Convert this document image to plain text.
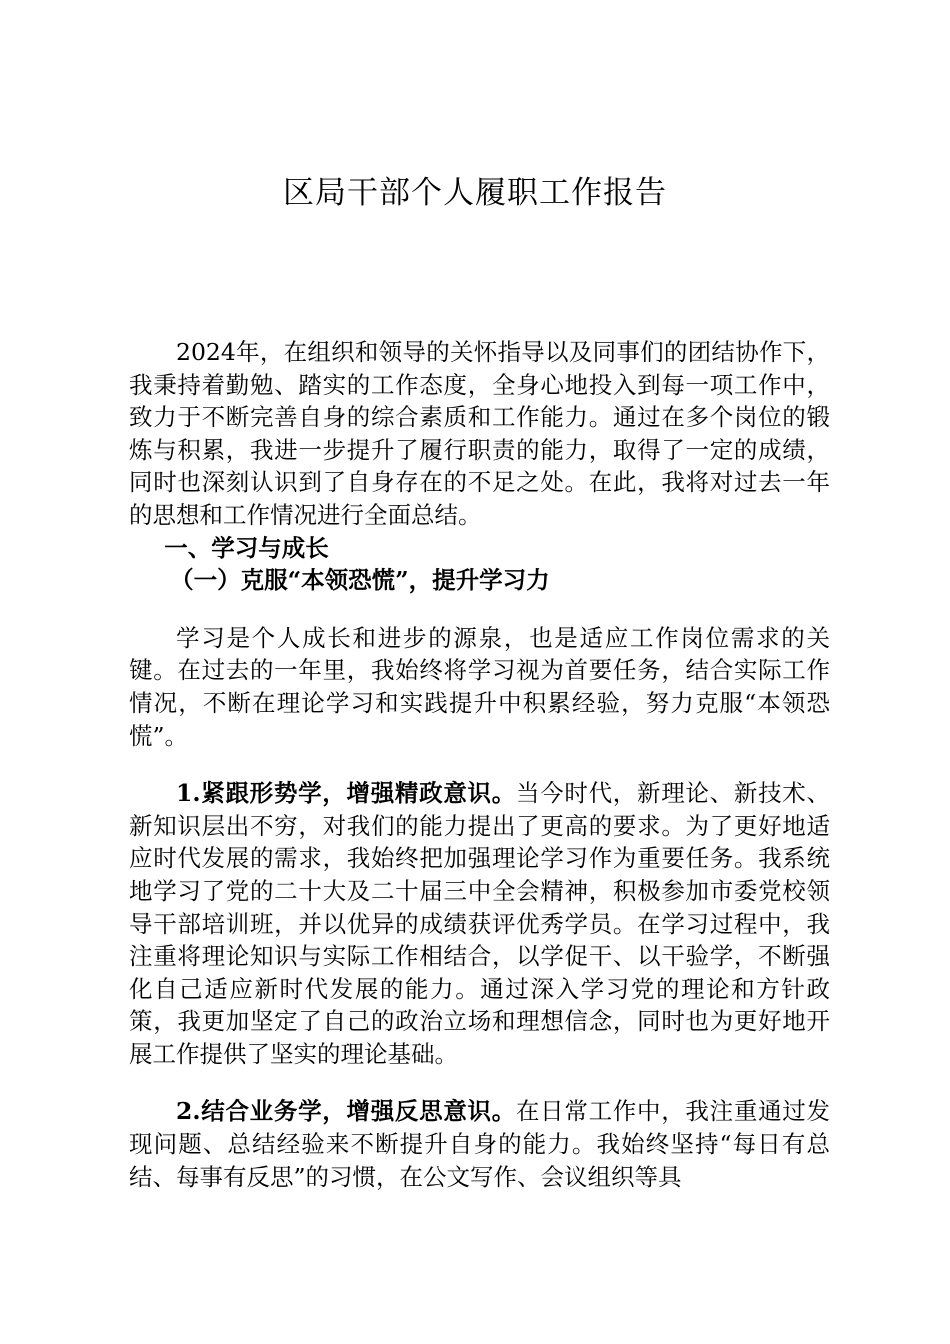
区局干部个人履职工作报告

2024年，在组织和领导的关怀指导以及同事们的团结协作下，我秉持着勤勉、踏实的工作态度，全身心地投入到每一项工作中，致力于不断完善自身的综合素质和工作能力。通过在多个岗位的锻炼与积累，我进一步提升了履行职责的能力，取得了一定的成绩，同时也深刻认识到了自身存在的不足之处。在此，我将对过去一年的思想和工作情况进行全面总结。

一、学习与成长

（一）克服“本领恐慌”，提升学习力

学习是个人成长和进步的源泉，也是适应工作岗位需求的关键。在过去的一年里，我始终将学习视为首要任务，结合实际工作情况，不断在理论学习和实践提升中积累经验，努力克服“本领恐慌”。

1.紧跟形势学，增强精政意识。当今时代，新理论、新技术、新知识层出不穷，对我们的能力提出了更高的要求。为了更好地适应时代发展的需求，我始终把加强理论学习作为重要任务。我系统地学习了党的二十大及二十届三中全会精神，积极参加市委党校领导干部培训班，并以优异的成绩获评优秀学员。在学习过程中，我注重将理论知识与实际工作相结合，以学促干、以干验学，不断强化自己适应新时代发展的能力。通过深入学习党的理论和方针政策，我更加坚定了自己的政治立场和理想信念，同时也为更好地开展工作提供了坚实的理论基础。

2.结合业务学，增强反思意识。在日常工作中，我注重通过发现问题、总结经验来不断提升自身的能力。我始终坚持“每日有总结、每事有反思”的习惯，在公文写作、会议组织等具
